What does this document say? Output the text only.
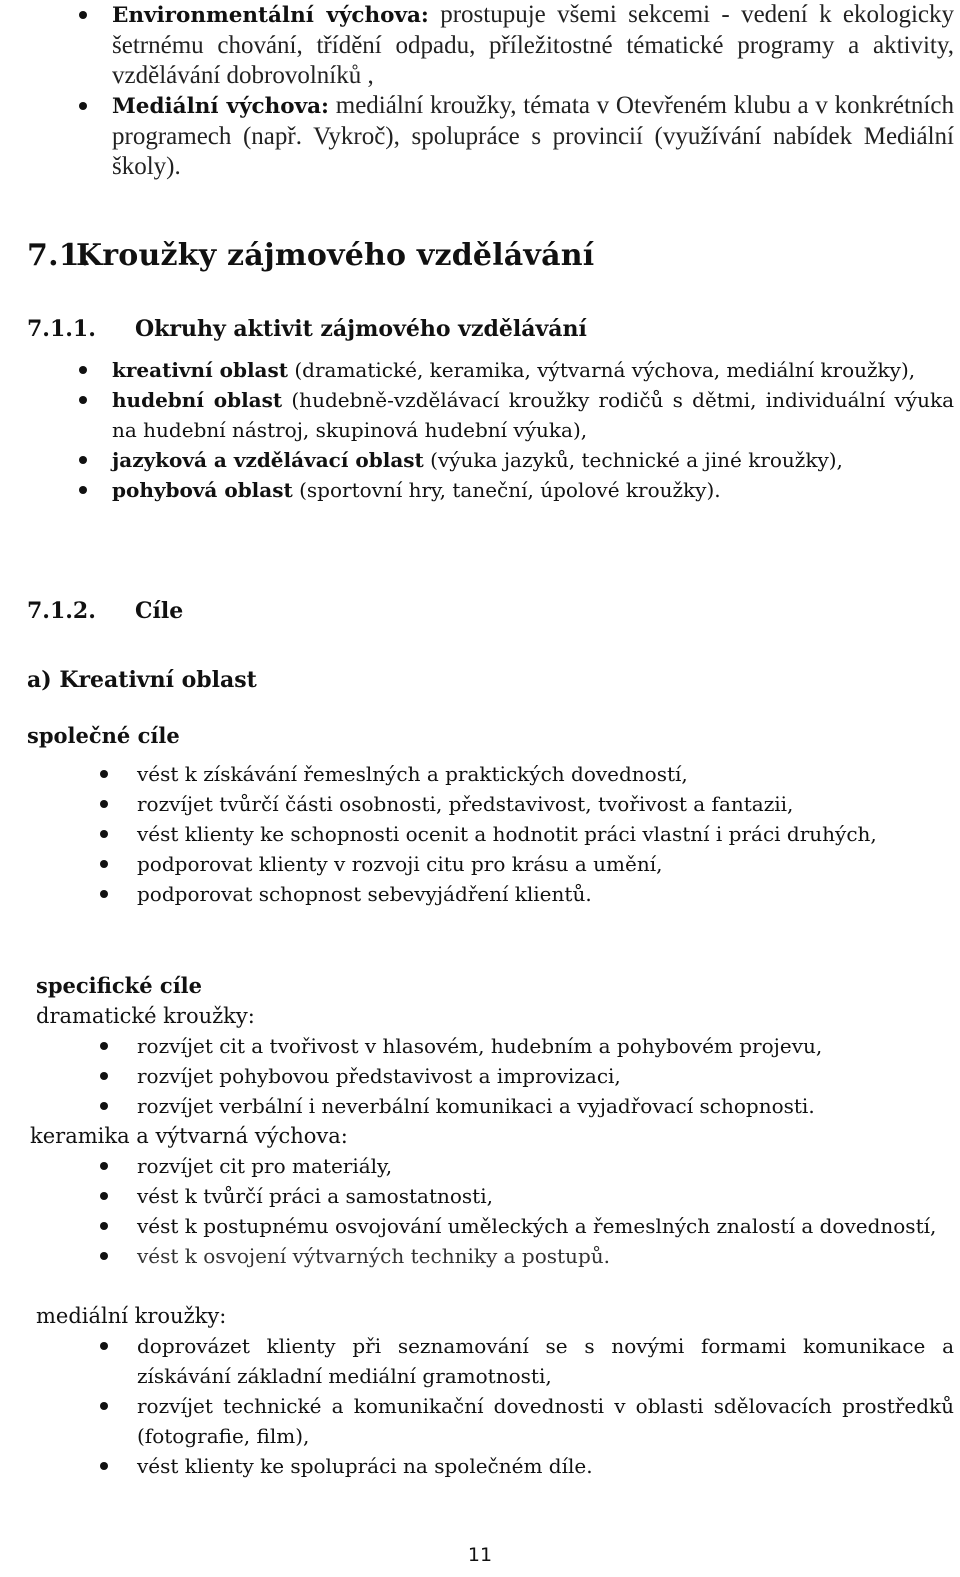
Environmentální výchova: prostupuje všemi sekcemi - vedení k ekologicky šetrnému chování, třídění odpadu, příležitostné tématické programy a aktivity, vzdělávání dobrovolníků ,
Mediální výchova: mediální kroužky, témata v Otevřeném klubu a v konkrétních programech (např. Vykroč), spolupráce s provincií (využívání nabídek Mediální školy).
7.1.Kroužky zájmového vzdělávání
7.1.1. Okruhy aktivit zájmového vzdělávání
kreativní oblast (dramatické, keramika, výtvarná výchova, mediální kroužky),
hudební oblast (hudebně-vzdělávací kroužky rodičů s dětmi, individuální výuka na hudební nástroj, skupinová hudební výuka),
jazyková a vzdělávací oblast (výuka jazyků, technické a jiné kroužky),
pohybová oblast (sportovní hry, taneční, úpolové kroužky).
7.1.2. Cíle
a) Kreativní oblast
společné cíle
vést k získávání řemeslných a praktických dovedností,
rozvíjet tvůrčí části osobnosti, představivost, tvořivost a fantazii,
vést klienty ke schopnosti ocenit a hodnotit práci vlastní i práci druhých,
podporovat klienty v rozvoji citu pro krásu a umění,
podporovat schopnost sebevyjádření klientů.
specifické cíle
dramatické kroužky:
rozvíjet cit a tvořivost v hlasovém, hudebním a pohybovém projevu,
rozvíjet pohybovou představivost a improvizaci,
rozvíjet verbální i neverbální komunikaci a vyjadřovací schopnosti.
keramika a výtvarná výchova:
rozvíjet cit pro materiály,
vést k tvůrčí práci a samostatnosti,
vést k postupnému osvojování uměleckých a řemeslných znalostí a dovedností,
vést k osvojení výtvarných techniky a postupů.
mediální kroužky:
doprovázet klienty při seznamování se s novými formami komunikace a získávání základní mediální gramotnosti,
rozvíjet technické a komunikační dovednosti v oblasti sdělovacích prostředků (fotografie, film),
vést klienty ke spolupráci na společném díle.
11
